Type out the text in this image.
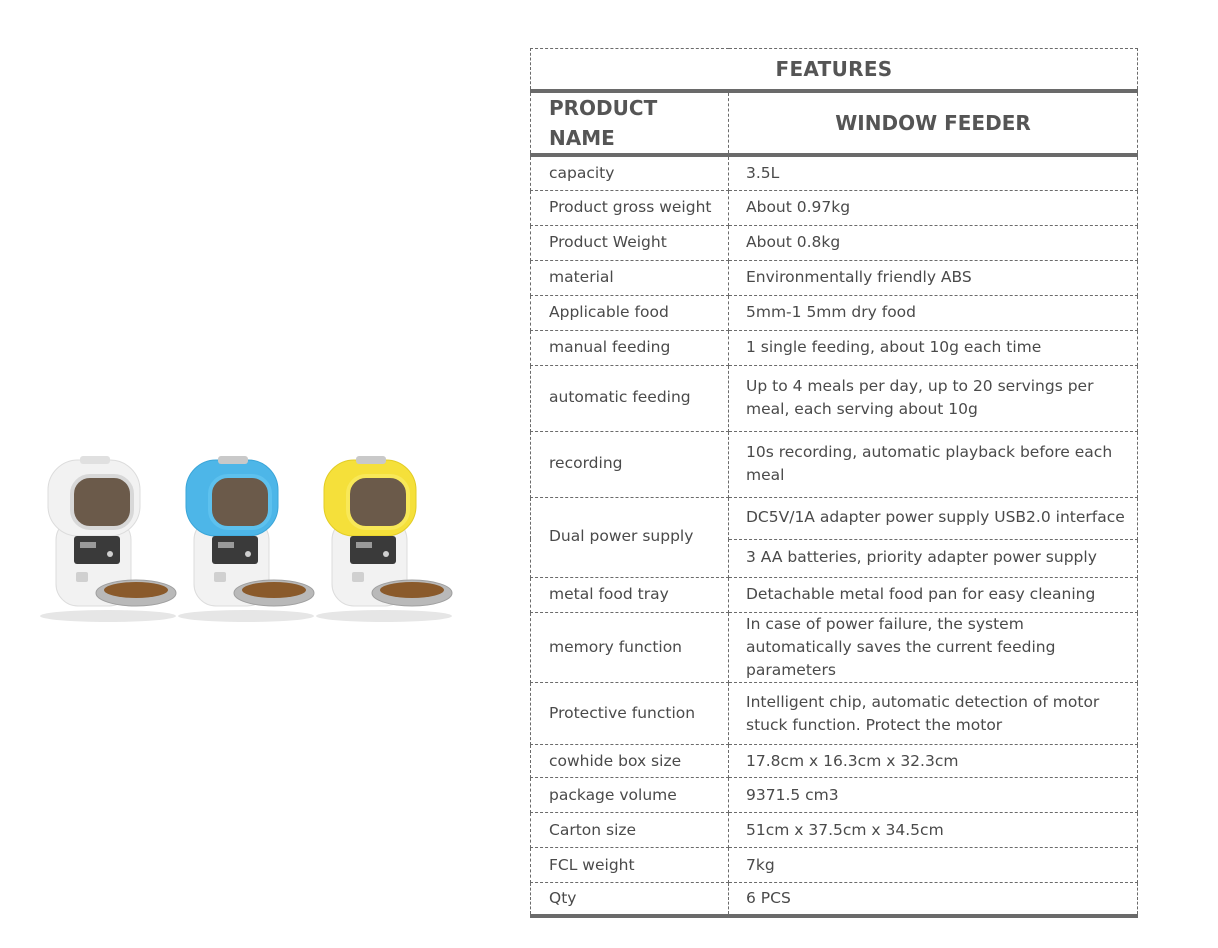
FEATURES	
PRODUCT NAME	WINDOW FEEDER
capacity	3.5L
Product gross weight	About 0.97kg
Product Weight	About 0.8kg
material	Environmentally friendly ABS
Applicable food	5mm-1 5mm dry food
manual feeding	1 single feeding, about 10g each time
automatic feeding	Up to 4 meals per day, up to 20 servings per meal, each serving about 10g
recording	10s recording, automatic playback before each meal
Dual power supply	DC5V/1A adapter power supply USB2.0 interface
	3 AA batteries, priority adapter power supply
metal food tray	Detachable metal food pan for easy cleaning
memory function	In case of power failure, the system automatically saves the current feeding parameters
Protective function	Intelligent chip, automatic detection of motor stuck function. Protect the motor
cowhide box size	17.8cm x 16.3cm x 32.3cm
package volume	9371.5 cm3
Carton size	51cm x 37.5cm x 34.5cm
FCL weight	7kg
Qty	6 PCS
